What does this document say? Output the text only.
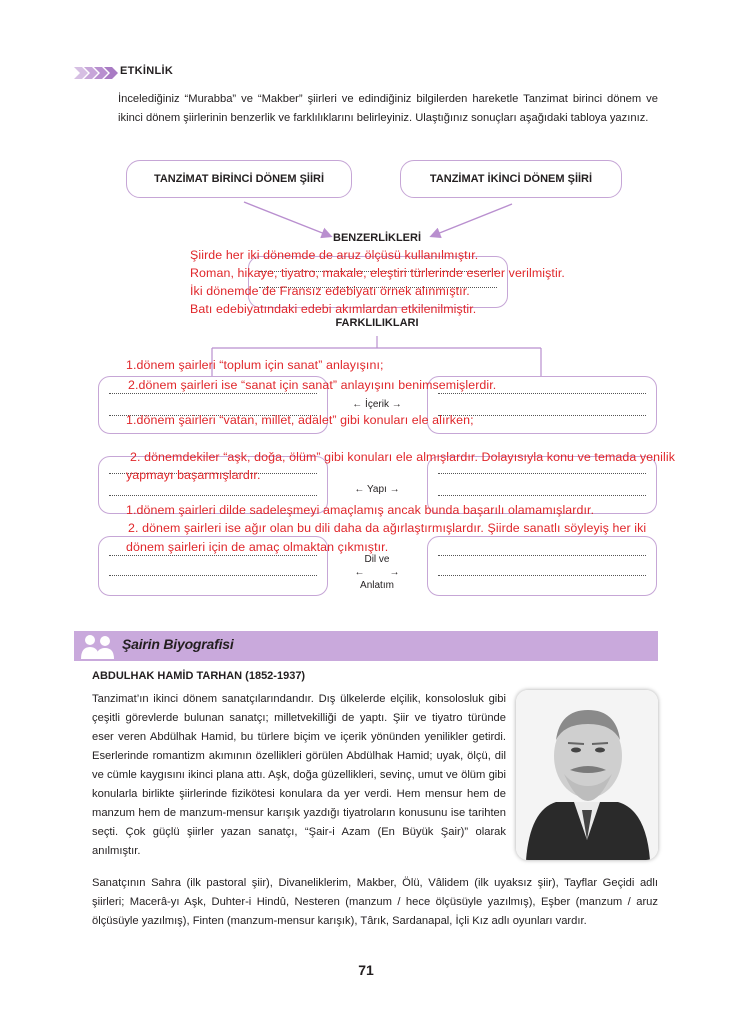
ETKİNLİK
İncelediğiniz “Murabba” ve “Makber” şiirleri ve edindiğiniz bilgilerden hareketle Tanzimat birinci dönem ve ikinci dönem şiirlerinin benzerlik ve farklılıklarını belirleyiniz. Ulaştığınız sonuçları aşağıdaki tabloya yazınız.
TANZİMAT BİRİNCİ DÖNEM ŞİİRİ	TANZİMAT İKİNCİ DÖNEM ŞİİRİ
BENZERLİKLERİ
FARKLILIKLARI
← İçerik →
← Yapı →
Dil ve
←	→
Anlatım
Şiirde her iki dönemde de aruz ölçüsü kullanılmıştır.
Roman, hikaye, tiyatro, makale, eleştiri türlerinde eserler verilmiştir.
İki dönemde de Fransız edebiyatı örnek alınmıştır.
Batı edebiyatındaki edebi akımlardan etkilenilmiştir.
1.dönem şairleri “toplum için sanat” anlayışını;
2.dönem şairleri ise “sanat için sanat” anlayışını benimsemişlerdir.
1.dönem şairleri “vatan, millet, adalet” gibi konuları ele alırken;
2. dönemdekiler “aşk, doğa, ölüm” gibi konuları ele almışlardır. Dolayısıyla konu ve temada yenilik
yapmayı başarmışlardır.
1.dönem şairleri dilde sadeleşmeyi amaçlamış ancak bunda başarılı olamamışlardır.
2. dönem şairleri ise ağır olan bu dili daha da ağırlaştırmışlardır. Şiirde sanatlı söyleyiş her iki
dönem şairleri için de amaç olmaktan çıkmıştır.
Şairin Biyografisi
ABDULHAK HAMİD TARHAN (1852-1937)
Tanzimat’ın ikinci dönem sanatçılarındandır. Dış ülkelerde elçilik, konsolosluk gibi çeşitli görevlerde bulunan sanatçı; milletvekilliği de yaptı. Şiir ve tiyatro türünde eser veren Abdülhak Hamid, bu türlere biçim ve içerik yönünden yenilikler getirdi. Eserlerinde romantizm akımının özellikleri görülen Abdülhak Hamid; uyak, ölçü, dil ve cümle kaygısını ikinci plana attı. Aşk, doğa güzellikleri, sevinç, umut ve ölüm gibi konularla birlikte şiirlerinde fizikötesi konulara da yer verdi. Hem mensur hem de manzum hem de manzum-mensur karışık yazdığı tiyatroların konusunu ise tarihten seçti. Çok güçlü şiirler yazan sanatçı, “Şair-i Azam (En Büyük Şair)” olarak anılmıştır.
Sanatçının Sahra (ilk pastoral şiir), Divaneliklerim, Makber, Ölü, Vâlidem (ilk uyaksız şiir), Tayflar Geçidi adlı şiirleri; Macerâ-yı Aşk, Duhter-i Hindû, Nesteren (manzum / hece ölçüsüyle yazılmış), Eşber (manzum / aruz ölçüsüyle yazılmış), Finten (manzum-mensur karışık), Târık, Sardanapal, İçli Kız adlı oyunları vardır.
71
